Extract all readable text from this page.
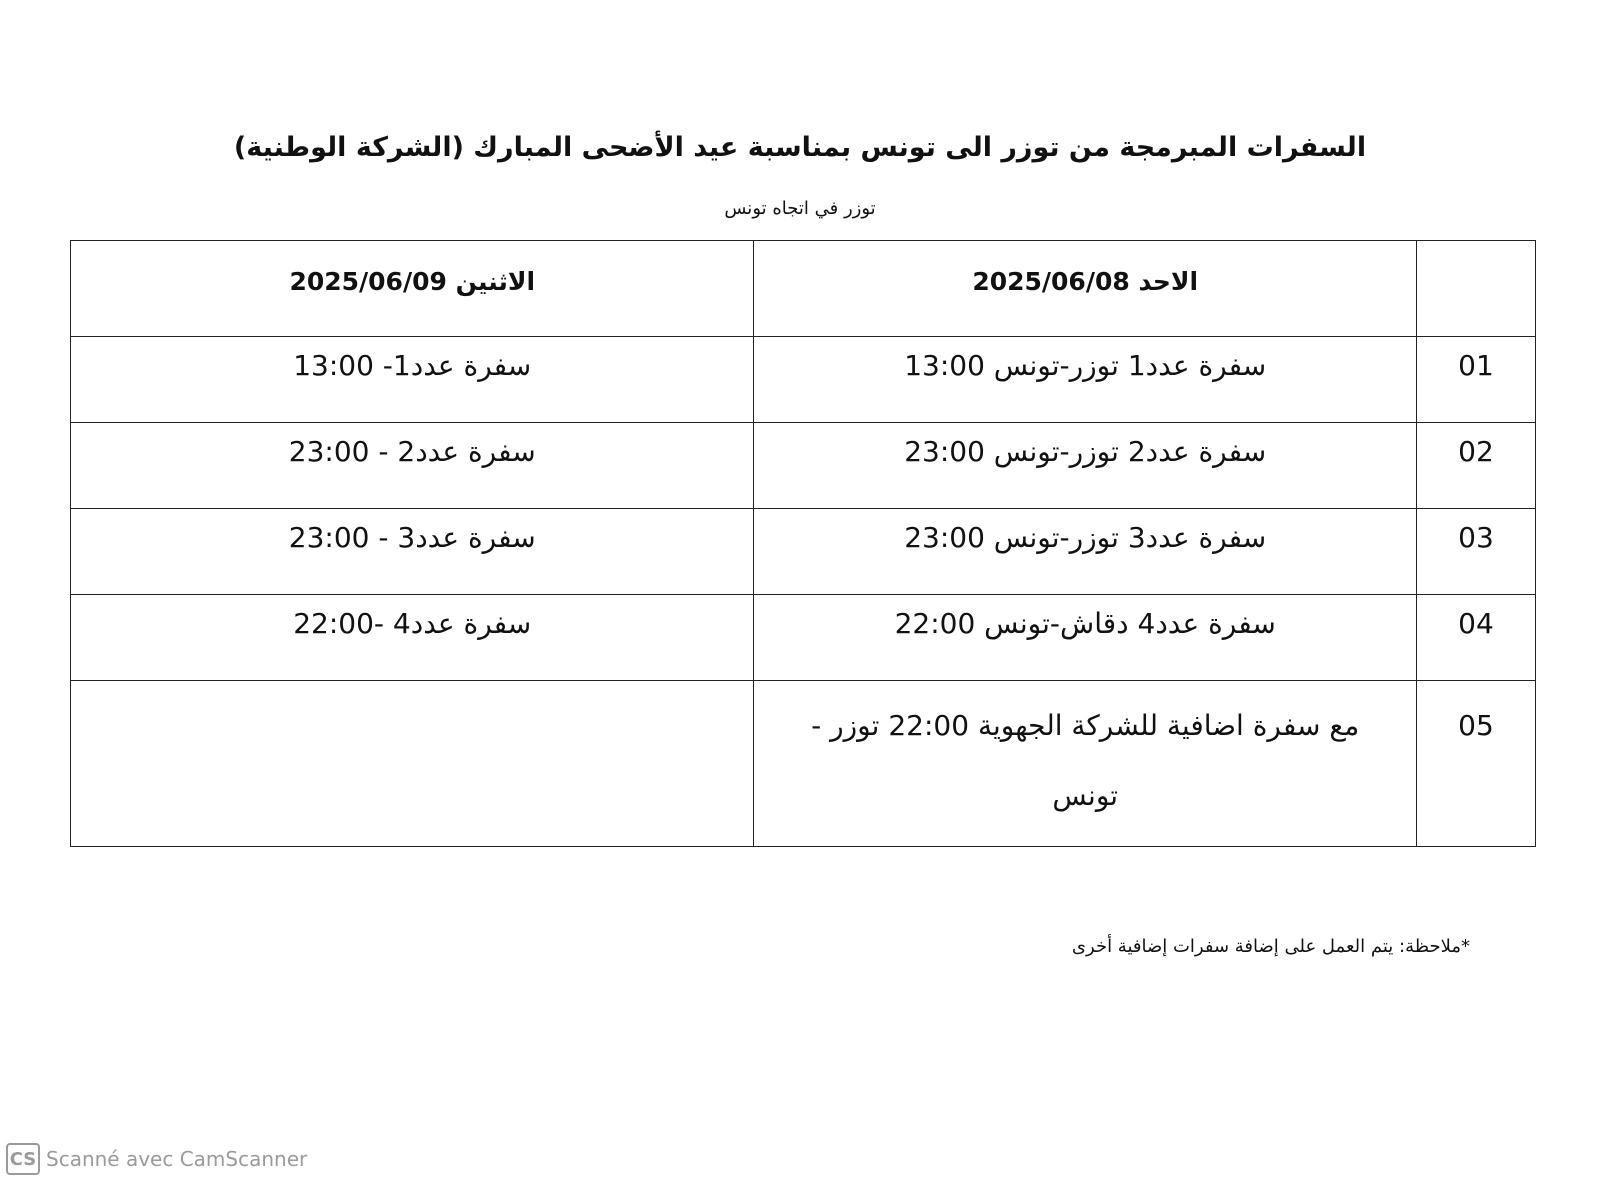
السفرات المبرمجة من توزر الى تونس بمناسبة عيد الأضحى المبارك (الشركة الوطنية)
توزر في اتجاه تونس
	الاحد 2025/06/08	الاثنين 2025/06/09
01	سفرة عدد1 توزر-تونس 13:00	سفرة عدد1- 13:00
02	سفرة عدد2 توزر-تونس 23:00	سفرة عدد2 - 23:00
03	سفرة عدد3 توزر-تونس 23:00	سفرة عدد3 - 23:00
04	سفرة عدد4 دقاش-تونس 22:00	سفرة عدد4 -22:00
05	مع سفرة اضافية للشركة الجهوية 22:00 توزر -
تونس	

*ملاحظة: يتم العمل على إضافة سفرات إضافية أخرى
CS Scanné avec CamScanner
